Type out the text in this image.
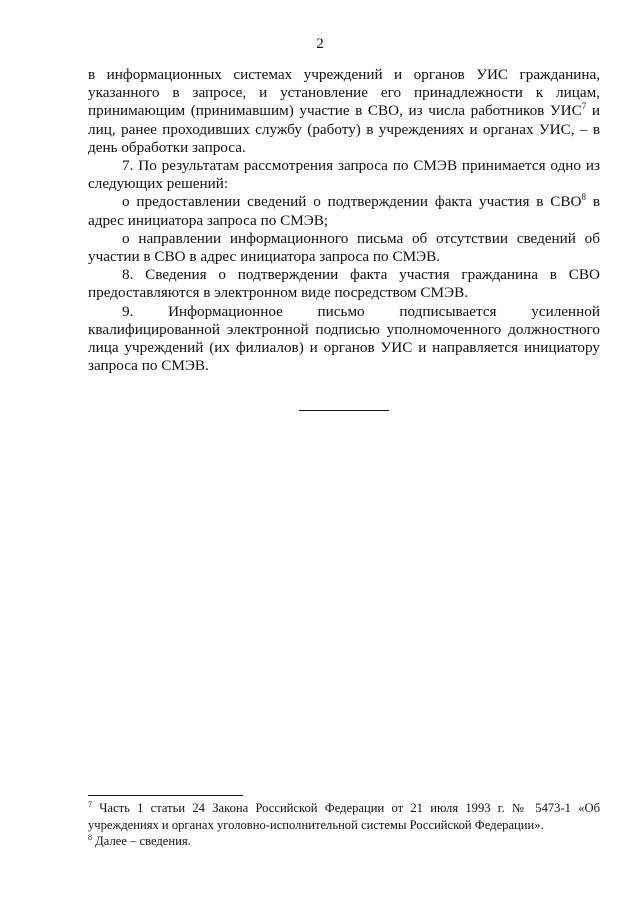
2

в информационных системах учреждений и органов УИС гражданина, указанного в запросе, и установление его принадлежности к лицам, принимающим (принимавшим) участие в СВО, из числа работников УИС$^7$ и лиц, ранее проходивших службу (работу) в учреждениях и органах УИС, – в день обработки запроса.

7. По результатам рассмотрения запроса по СМЭВ принимается одно из следующих решений:

о предоставлении сведений о подтверждении факта участия в СВО$^8$ в адрес инициатора запроса по СМЭВ;

о направлении информационного письма об отсутствии сведений об участии в СВО в адрес инициатора запроса по СМЭВ.

8. Сведения о подтверждении факта участия гражданина в СВО предоставляются в электронном виде посредством СМЭВ.

9. Информационное письмо подписывается усиленной квалифицированной электронной подписью уполномоченного должностного лица учреждений (их филиалов) и органов УИС и направляется инициатору запроса по СМЭВ.

$^7$ Часть 1 статьи 24 Закона Российской Федерации от 21 июля 1993 г. № 5473-1 «Об учреждениях и органах уголовно-исполнительной системы Российской Федерации».

$^8$ Далее – сведения.
